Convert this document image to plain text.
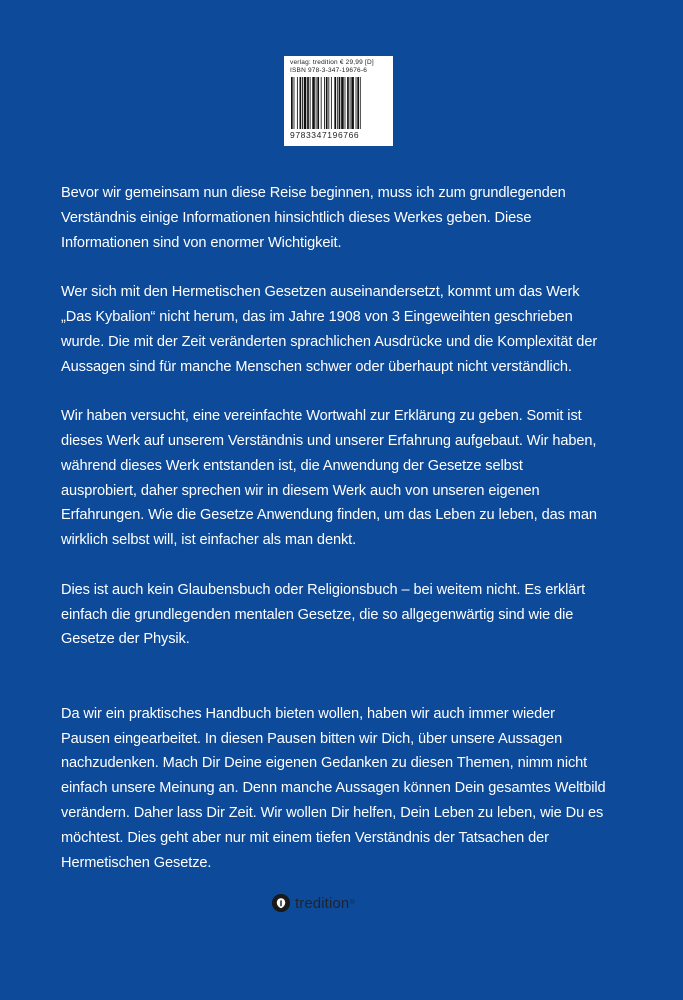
verlag: tredition € 29,99 [D]
ISBN 978-3-347-19676-6
9783347196766

Bevor wir gemeinsam nun diese Reise beginnen, muss ich zum grundlegenden
Verständnis einige Informationen hinsichtlich dieses Werkes geben. Diese
Informationen sind von enormer Wichtigkeit.

Wer sich mit den Hermetischen Gesetzen auseinandersetzt, kommt um das Werk
„Das Kybalion“ nicht herum, das im Jahre 1908 von 3 Eingeweihten geschrieben
wurde. Die mit der Zeit veränderten sprachlichen Ausdrücke und die Komplexität der
Aussagen sind für manche Menschen schwer oder überhaupt nicht verständlich.

Wir haben versucht, eine vereinfachte Wortwahl zur Erklärung zu geben. Somit ist
dieses Werk auf unserem Verständnis und unserer Erfahrung aufgebaut. Wir haben,
während dieses Werk entstanden ist, die Anwendung der Gesetze selbst
ausprobiert, daher sprechen wir in diesem Werk auch von unseren eigenen
Erfahrungen. Wie die Gesetze Anwendung finden, um das Leben zu leben, das man
wirklich selbst will, ist einfacher als man denkt.

Dies ist auch kein Glaubensbuch oder Religionsbuch – bei weitem nicht. Es erklärt
einfach die grundlegenden mentalen Gesetze, die so allgegenwärtig sind wie die
Gesetze der Physik.

Da wir ein praktisches Handbuch bieten wollen, haben wir auch immer wieder
Pausen eingearbeitet. In diesen Pausen bitten wir Dich, über unsere Aussagen
nachzudenken. Mach Dir Deine eigenen Gedanken zu diesen Themen, nimm nicht
einfach unsere Meinung an. Denn manche Aussagen können Dein gesamtes Weltbild
verändern. Daher lass Dir Zeit. Wir wollen Dir helfen, Dein Leben zu leben, wie Du es
möchtest. Dies geht aber nur mit einem tiefen Verständnis der Tatsachen der
Hermetischen Gesetze.

tredition ®
